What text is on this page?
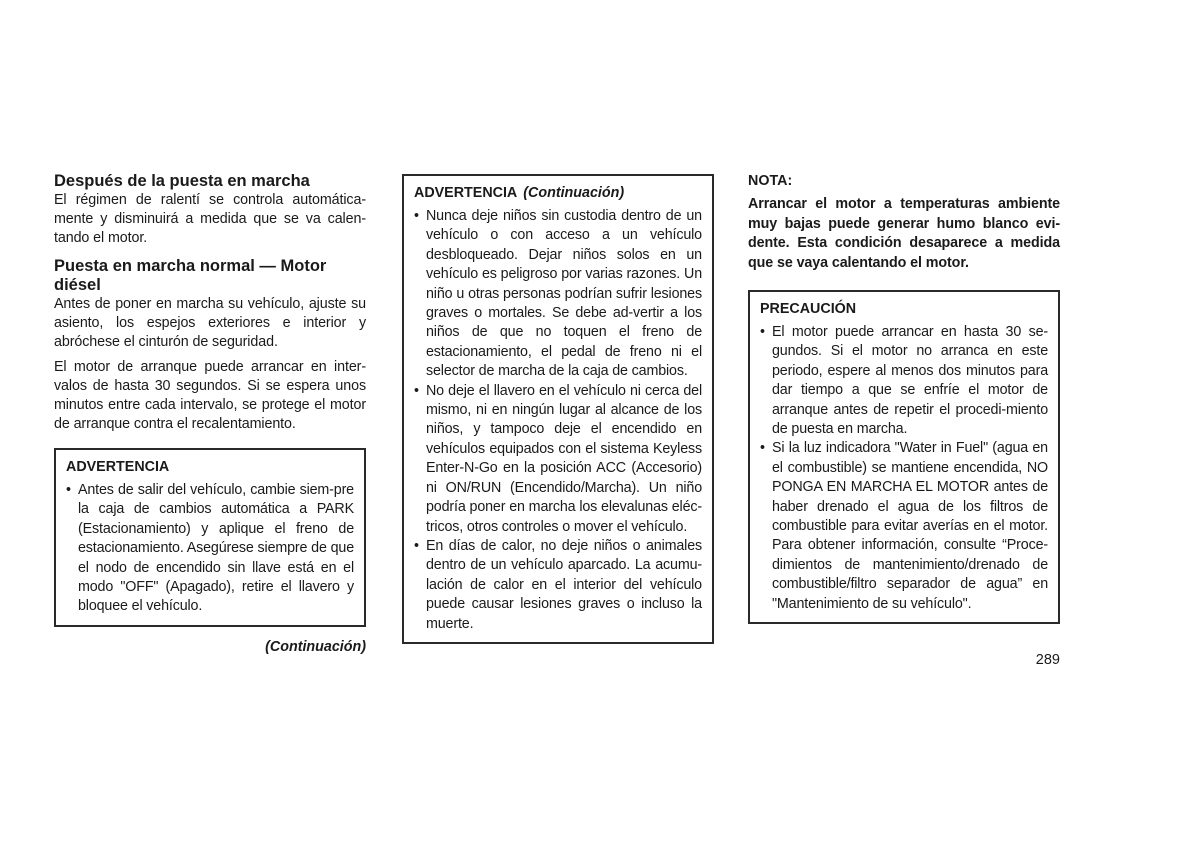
Después de la puesta en marcha

El régimen de ralentí se controla automática-mente y disminuirá a medida que se va calen-tando el motor.

Puesta en marcha normal — Motor diésel

Antes de poner en marcha su vehículo, ajuste su asiento, los espejos exteriores e interior y abróchese el cinturón de seguridad.

El motor de arranque puede arrancar en inter-valos de hasta 30 segundos. Si se espera unos minutos entre cada intervalo, se protege el motor de arranque contra el recalentamiento.

ADVERTENCIA
• Antes de salir del vehículo, cambie siem-pre la caja de cambios automática a PARK (Estacionamiento) y aplique el freno de estacionamiento. Asegúrese siempre de que el nodo de encendido sin llave está en el modo "OFF" (Apagado), retire el llavero y bloquee el vehículo.
(Continuación)
ADVERTENCIA (Continuación)
• Nunca deje niños sin custodia dentro de un vehículo o con acceso a un vehículo desbloqueado. Dejar niños solos en un vehículo es peligroso por varias razones. Un niño u otras personas podrían sufrir lesiones graves o mortales. Se debe ad-vertir a los niños de que no toquen el freno de estacionamiento, el pedal de freno ni el selector de marcha de la caja de cambios.
• No deje el llavero en el vehículo ni cerca del mismo, ni en ningún lugar al alcance de los niños, y tampoco deje el encendido en vehículos equipados con el sistema Keyless Enter-N-Go en la posición ACC (Accesorio) ni ON/RUN (Encendido/Marcha). Un niño podría poner en marcha los elevalunas eléc-tricos, otros controles o mover el vehículo.
• En días de calor, no deje niños o animales dentro de un vehículo aparcado. La acumu-lación de calor en el interior del vehículo puede causar lesiones graves o incluso la muerte.
NOTA:

Arrancar el motor a temperaturas ambiente muy bajas puede generar humo blanco evi-dente. Esta condición desaparece a medida que se vaya calentando el motor.

PRECAUCIÓN
• El motor puede arrancar en hasta 30 se-gundos. Si el motor no arranca en este periodo, espere al menos dos minutos para dar tiempo a que se enfríe el motor de arranque antes de repetir el procedi-miento de puesta en marcha.
• Si la luz indicadora "Water in Fuel" (agua en el combustible) se mantiene encendida, NO PONGA EN MARCHA EL MOTOR antes de haber drenado el agua de los filtros de combustible para evitar averías en el motor. Para obtener información, consulte “Proce-dimientos de mantenimiento/drenado de combustible/filtro separador de agua” en "Mantenimiento de su vehículo".
289
